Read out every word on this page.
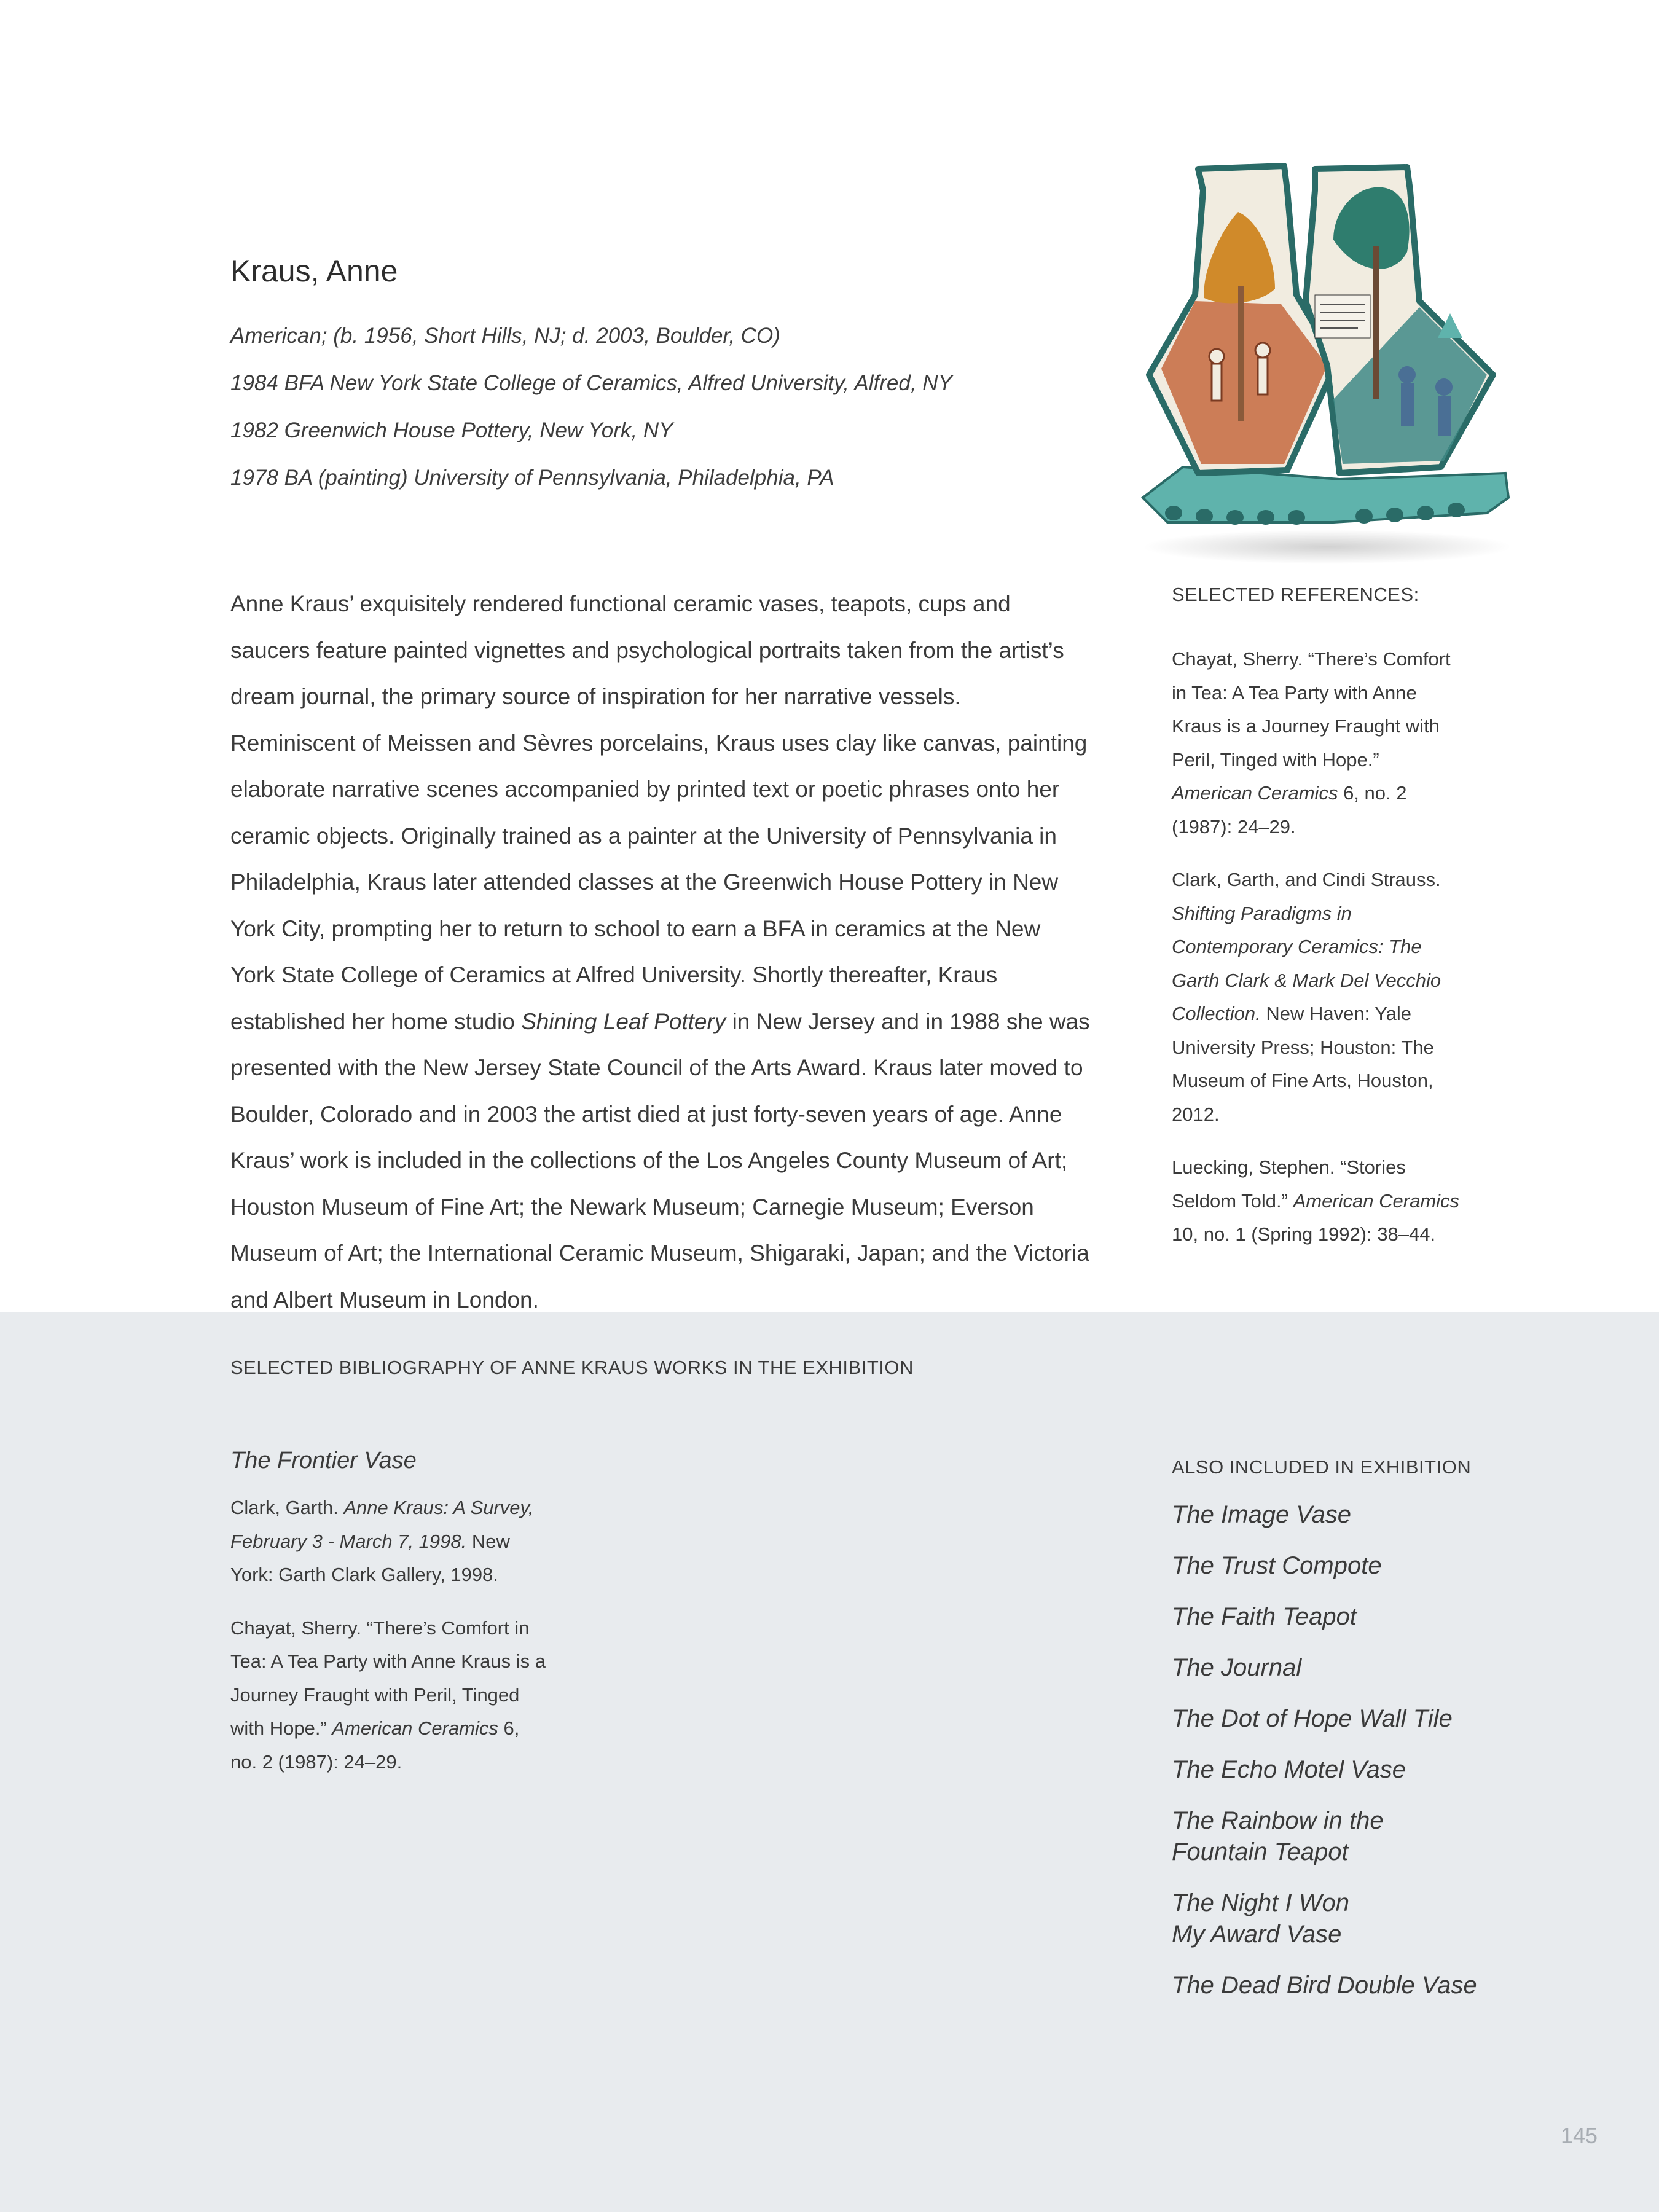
Kraus, Anne

American; (b. 1956, Short Hills, NJ; d. 2003, Boulder, CO)

1984 BFA New York State College of Ceramics, Alfred University, Alfred, NY

1982 Greenwich House Pottery, New York, NY

1978 BA (painting) University of Pennsylvania, Philadelphia, PA

Anne Kraus’ exquisitely rendered functional ceramic vases, teapots, cups and saucers feature painted vignettes and psychological portraits taken from the artist’s dream journal, the primary source of inspiration for her narrative vessels. Reminiscent of Meissen and Sèvres porcelains, Kraus uses clay like canvas, painting elaborate narrative scenes accompanied by printed text or poetic phrases onto her ceramic objects. Originally trained as a painter at the University of Pennsylvania in Philadelphia, Kraus later attended classes at the Greenwich House Pottery in New York City, prompting her to return to school to earn a BFA in ceramics at the New York State College of Ceramics at Alfred University. Shortly thereafter, Kraus established her home studio Shining Leaf Pottery in New Jersey and in 1988 she was presented with the New Jersey State Council of the Arts Award. Kraus later moved to Boulder, Colorado and in 2003 the artist died at just forty-seven years of age. Anne Kraus’ work is included in the collections of the Los Angeles County Museum of Art; Houston Museum of Fine Art; the Newark Museum; Carnegie Museum; Everson Museum of Art; the International Ceramic Museum, Shigaraki, Japan; and the Victoria and Albert Museum in London.

SELECTED REFERENCES:

Chayat, Sherry. “There’s Comfort in Tea: A Tea Party with Anne Kraus is a Journey Fraught with Peril, Tinged with Hope.” American Ceramics 6, no. 2 (1987): 24–29.

Clark, Garth, and Cindi Strauss. Shifting Paradigms in Contemporary Ceramics: The Garth Clark & Mark Del Vecchio Collection. New Haven: Yale University Press; Houston: The Museum of Fine Arts, Houston, 2012.

Luecking, Stephen. “Stories Seldom Told.” American Ceramics 10, no. 1 (Spring 1992): 38–44.

SELECTED BIBLIOGRAPHY OF ANNE KRAUS WORKS IN THE EXHIBITION

The Frontier Vase

Clark, Garth. Anne Kraus: A Survey, February 3 - March 7, 1998. New York: Garth Clark Gallery, 1998.

Chayat, Sherry. “There’s Comfort in Tea: A Tea Party with Anne Kraus is a Journey Fraught with Peril, Tinged with Hope.” American Ceramics 6, no. 2 (1987): 24–29.

ALSO INCLUDED IN EXHIBITION

The Image Vase
The Trust Compote
The Faith Teapot
The Journal
The Dot of Hope Wall Tile
The Echo Motel Vase
The Rainbow in the
Fountain Teapot
The Night I Won
My Award Vase
The Dead Bird Double Vase

145
